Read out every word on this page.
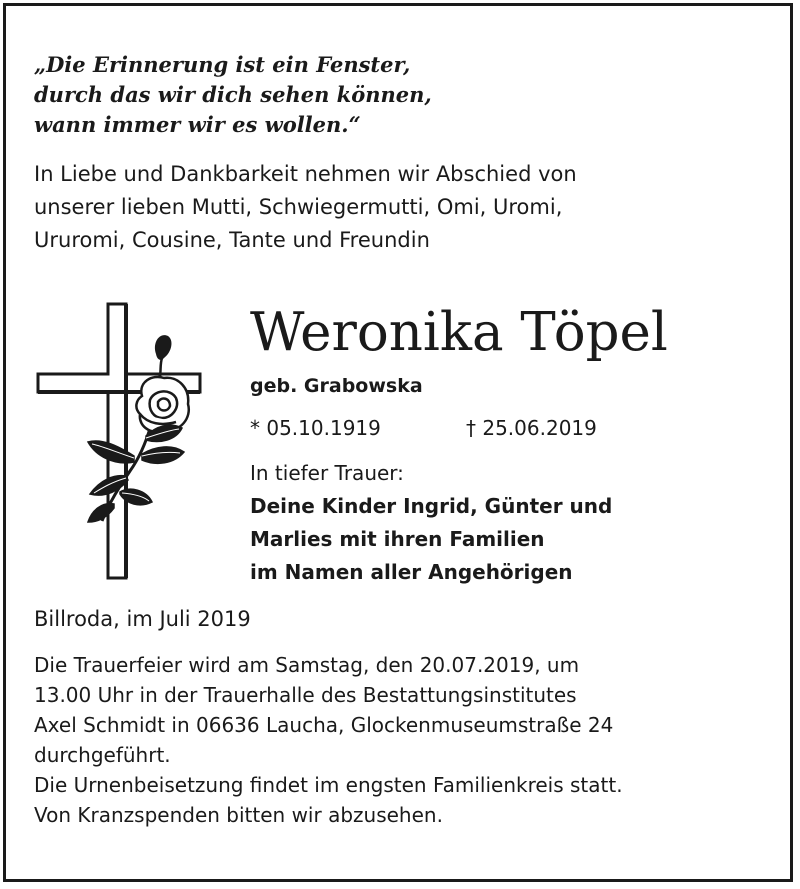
„Die Erinnerung ist ein Fenster,
durch das wir dich sehen können,
wann immer wir es wollen.“
In Liebe und Dankbarkeit nehmen wir Abschied von
unserer lieben Mutti, Schwiegermutti, Omi, Uromi,
Ururomi, Cousine, Tante und Freundin
Weronika Töpel
geb. Grabowska
* 05.10.1919	† 25.06.2019
In tiefer Trauer:
Deine Kinder Ingrid, Günter und
Marlies mit ihren Familien
im Namen aller Angehörigen
Billroda, im Juli 2019
Die Trauerfeier wird am Samstag, den 20.07.2019, um
13.00 Uhr in der Trauerhalle des Bestattungsinstitutes
Axel Schmidt in 06636 Laucha, Glockenmuseumstraße 24
durchgeführt.
Die Urnenbeisetzung findet im engsten Familienkreis statt.
Von Kranzspenden bitten wir abzusehen.
